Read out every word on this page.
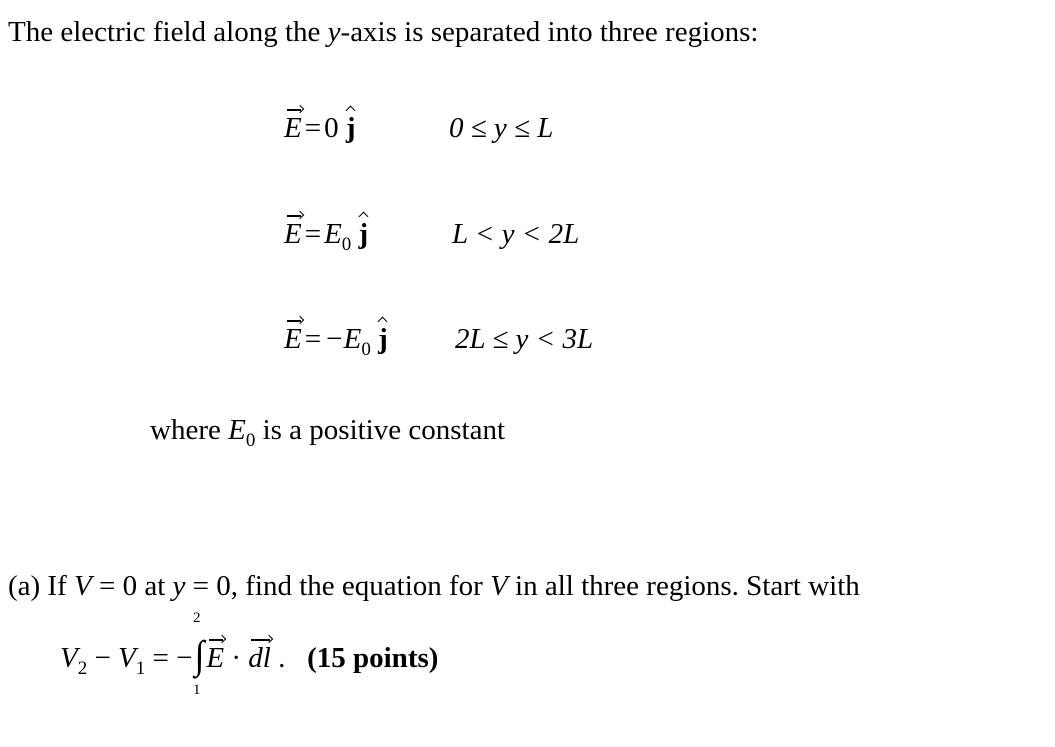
The electric field along the y-axis is separated into three regions:
E = 0 j	0 ≤ y ≤ L
$E = E_0$ j	L < y < 2L
$E = -E_0$ j 2L ≤ y < 3L
where $E_0$ is a positive constant
(a) If V = 0 at y = 0, find the equation for V in all three regions. Start with
2
1
$V_2 - V_1 = -\int E$ · dl . (15 points)
